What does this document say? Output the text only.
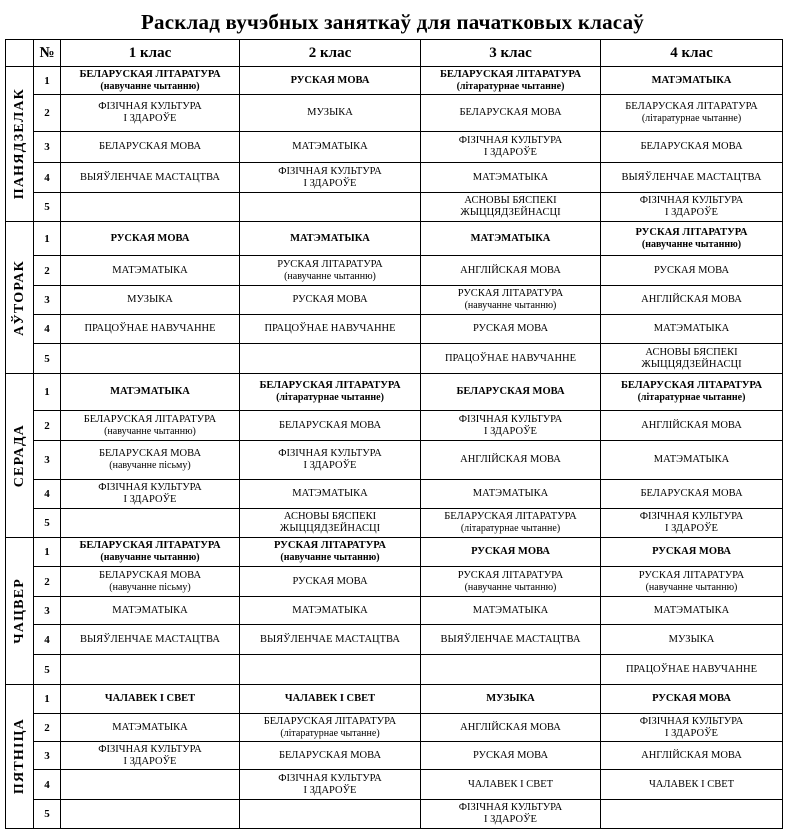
Расклад вучэбных заняткаў для пачатковых класаў
	№	1 клас	2 клас	3 клас	4 клас

ПАНЯДЗЕЛАК	1	БЕЛАРУСКАЯ ЛІТАРАТУРА
(навучанне чытанню)	РУСКАЯ МОВА	БЕЛАРУСКАЯ ЛІТАРАТУРА
(літаратурнае чытанне)	МАТЭМАТЫКА

	2	ФІЗІЧНАЯ КУЛЬТУРА
І ЗДАРОЎЕ	МУЗЫКА	БЕЛАРУСКАЯ МОВА	БЕЛАРУСКАЯ ЛІТАРАТУРА
(літаратурнае чытанне)

	3	БЕЛАРУСКАЯ МОВА	МАТЭМАТЫКА	ФІЗІЧНАЯ КУЛЬТУРА
І ЗДАРОЎЕ	БЕЛАРУСКАЯ МОВА

	4	ВЫЯЎЛЕНЧАЕ МАСТАЦТВА	ФІЗІЧНАЯ КУЛЬТУРА
І ЗДАРОЎЕ	МАТЭМАТЫКА	ВЫЯЎЛЕНЧАЕ МАСТАЦТВА

	5			АСНОВЫ БЯСПЕКІ
ЖЫЦЦЯДЗЕЙНАСЦІ	ФІЗІЧНАЯ КУЛЬТУРА
І ЗДАРОЎЕ

АЎТОРАК	1	РУСКАЯ МОВА	МАТЭМАТЫКА	МАТЭМАТЫКА	РУСКАЯ ЛІТАРАТУРА
(навучанне чытанню)

	2	МАТЭМАТЫКА	РУСКАЯ ЛІТАРАТУРА
(навучанне чытанню)	АНГЛІЙСКАЯ МОВА	РУСКАЯ МОВА

	3	МУЗЫКА	РУСКАЯ МОВА	РУСКАЯ ЛІТАРАТУРА
(навучанне чытанню)	АНГЛІЙСКАЯ МОВА

	4	ПРАЦОЎНАЕ НАВУЧАННЕ	ПРАЦОЎНАЕ НАВУЧАННЕ	РУСКАЯ МОВА	МАТЭМАТЫКА

	5			ПРАЦОЎНАЕ НАВУЧАННЕ	АСНОВЫ БЯСПЕКІ
ЖЫЦЦЯДЗЕЙНАСЦІ

СЕРАДА	1	МАТЭМАТЫКА	БЕЛАРУСКАЯ ЛІТАРАТУРА
(літаратурнае чытанне)	БЕЛАРУСКАЯ МОВА	БЕЛАРУСКАЯ ЛІТАРАТУРА
(літаратурнае чытанне)

	2	БЕЛАРУСКАЯ ЛІТАРАТУРА
(навучанне чытанню)	БЕЛАРУСКАЯ МОВА	ФІЗІЧНАЯ КУЛЬТУРА
І ЗДАРОЎЕ	АНГЛІЙСКАЯ МОВА

	3	БЕЛАРУСКАЯ МОВА
(навучанне пісьму)	ФІЗІЧНАЯ КУЛЬТУРА
І ЗДАРОЎЕ	АНГЛІЙСКАЯ МОВА	МАТЭМАТЫКА

	4	ФІЗІЧНАЯ КУЛЬТУРА
І ЗДАРОЎЕ	МАТЭМАТЫКА	МАТЭМАТЫКА	БЕЛАРУСКАЯ МОВА

	5		АСНОВЫ БЯСПЕКІ
ЖЫЦЦЯДЗЕЙНАСЦІ	БЕЛАРУСКАЯ ЛІТАРАТУРА
(літаратурнае чытанне)	ФІЗІЧНАЯ КУЛЬТУРА
І ЗДАРОЎЕ

ЧАЦВЕР	1	БЕЛАРУСКАЯ ЛІТАРАТУРА
(навучанне чытанню)	РУСКАЯ ЛІТАРАТУРА
(навучанне чытанню)	РУСКАЯ МОВА	РУСКАЯ МОВА

	2	БЕЛАРУСКАЯ МОВА
(навучанне пісьму)	РУСКАЯ МОВА	РУСКАЯ ЛІТАРАТУРА
(навучанне чытанню)	РУСКАЯ ЛІТАРАТУРА
(навучанне чытанню)

	3	МАТЭМАТЫКА	МАТЭМАТЫКА	МАТЭМАТЫКА	МАТЭМАТЫКА

	4	ВЫЯЎЛЕНЧАЕ МАСТАЦТВА	ВЫЯЎЛЕНЧАЕ МАСТАЦТВА	ВЫЯЎЛЕНЧАЕ МАСТАЦТВА	МУЗЫКА

	5				ПРАЦОЎНАЕ НАВУЧАННЕ

ПЯТНІЦА	1	ЧАЛАВЕК І СВЕТ	ЧАЛАВЕК І СВЕТ	МУЗЫКА	РУСКАЯ МОВА

	2	МАТЭМАТЫКА	БЕЛАРУСКАЯ ЛІТАРАТУРА
(літаратурнае чытанне)	АНГЛІЙСКАЯ МОВА	ФІЗІЧНАЯ КУЛЬТУРА
І ЗДАРОЎЕ

	3	ФІЗІЧНАЯ КУЛЬТУРА
І ЗДАРОЎЕ	БЕЛАРУСКАЯ МОВА	РУСКАЯ МОВА	АНГЛІЙСКАЯ МОВА

	4		ФІЗІЧНАЯ КУЛЬТУРА
І ЗДАРОЎЕ	ЧАЛАВЕК І СВЕТ	ЧАЛАВЕК І СВЕТ

	5			ФІЗІЧНАЯ КУЛЬТУРА
І ЗДАРОЎЕ	
